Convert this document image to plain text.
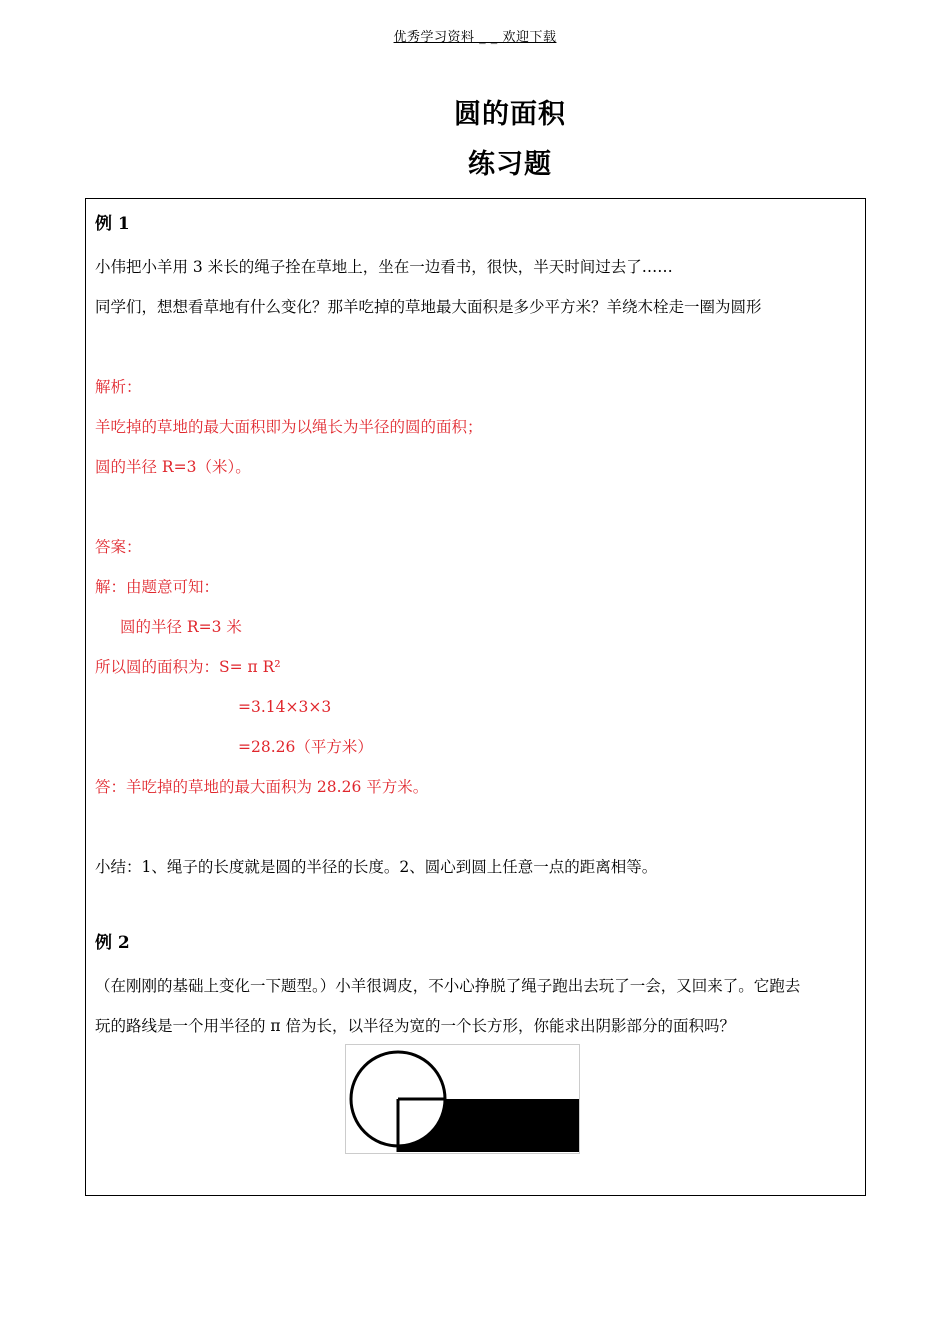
优秀学习资料 _ _ 欢迎下载
圆的面积
练习题
例 1
小伟把小羊用 3 米长的绳子拴在草地上，坐在一边看书，很快，半天时间过去了……
同学们，想想看草地有什么变化？那羊吃掉的草地最大面积是多少平方米？羊绕木栓走一圈为圆形
解析：
羊吃掉的草地的最大面积即为以绳长为半径的圆的面积；
圆的半径 R=3（米）。
答案：
解：由题意可知：
圆的半径 R=3 米
所以圆的面积为：S= π R²
=3.14×3×3
=28.26（平方米）
答：羊吃掉的草地的最大面积为 28.26 平方米。
小结：1、绳子的长度就是圆的半径的长度。2、圆心到圆上任意一点的距离相等。
例 2
（在刚刚的基础上变化一下题型。）小羊很调皮，不小心挣脱了绳子跑出去玩了一会，又回来了。它跑去
玩的路线是一个用半径的 π 倍为长，以半径为宽的一个长方形，你能求出阴影部分的面积吗？
